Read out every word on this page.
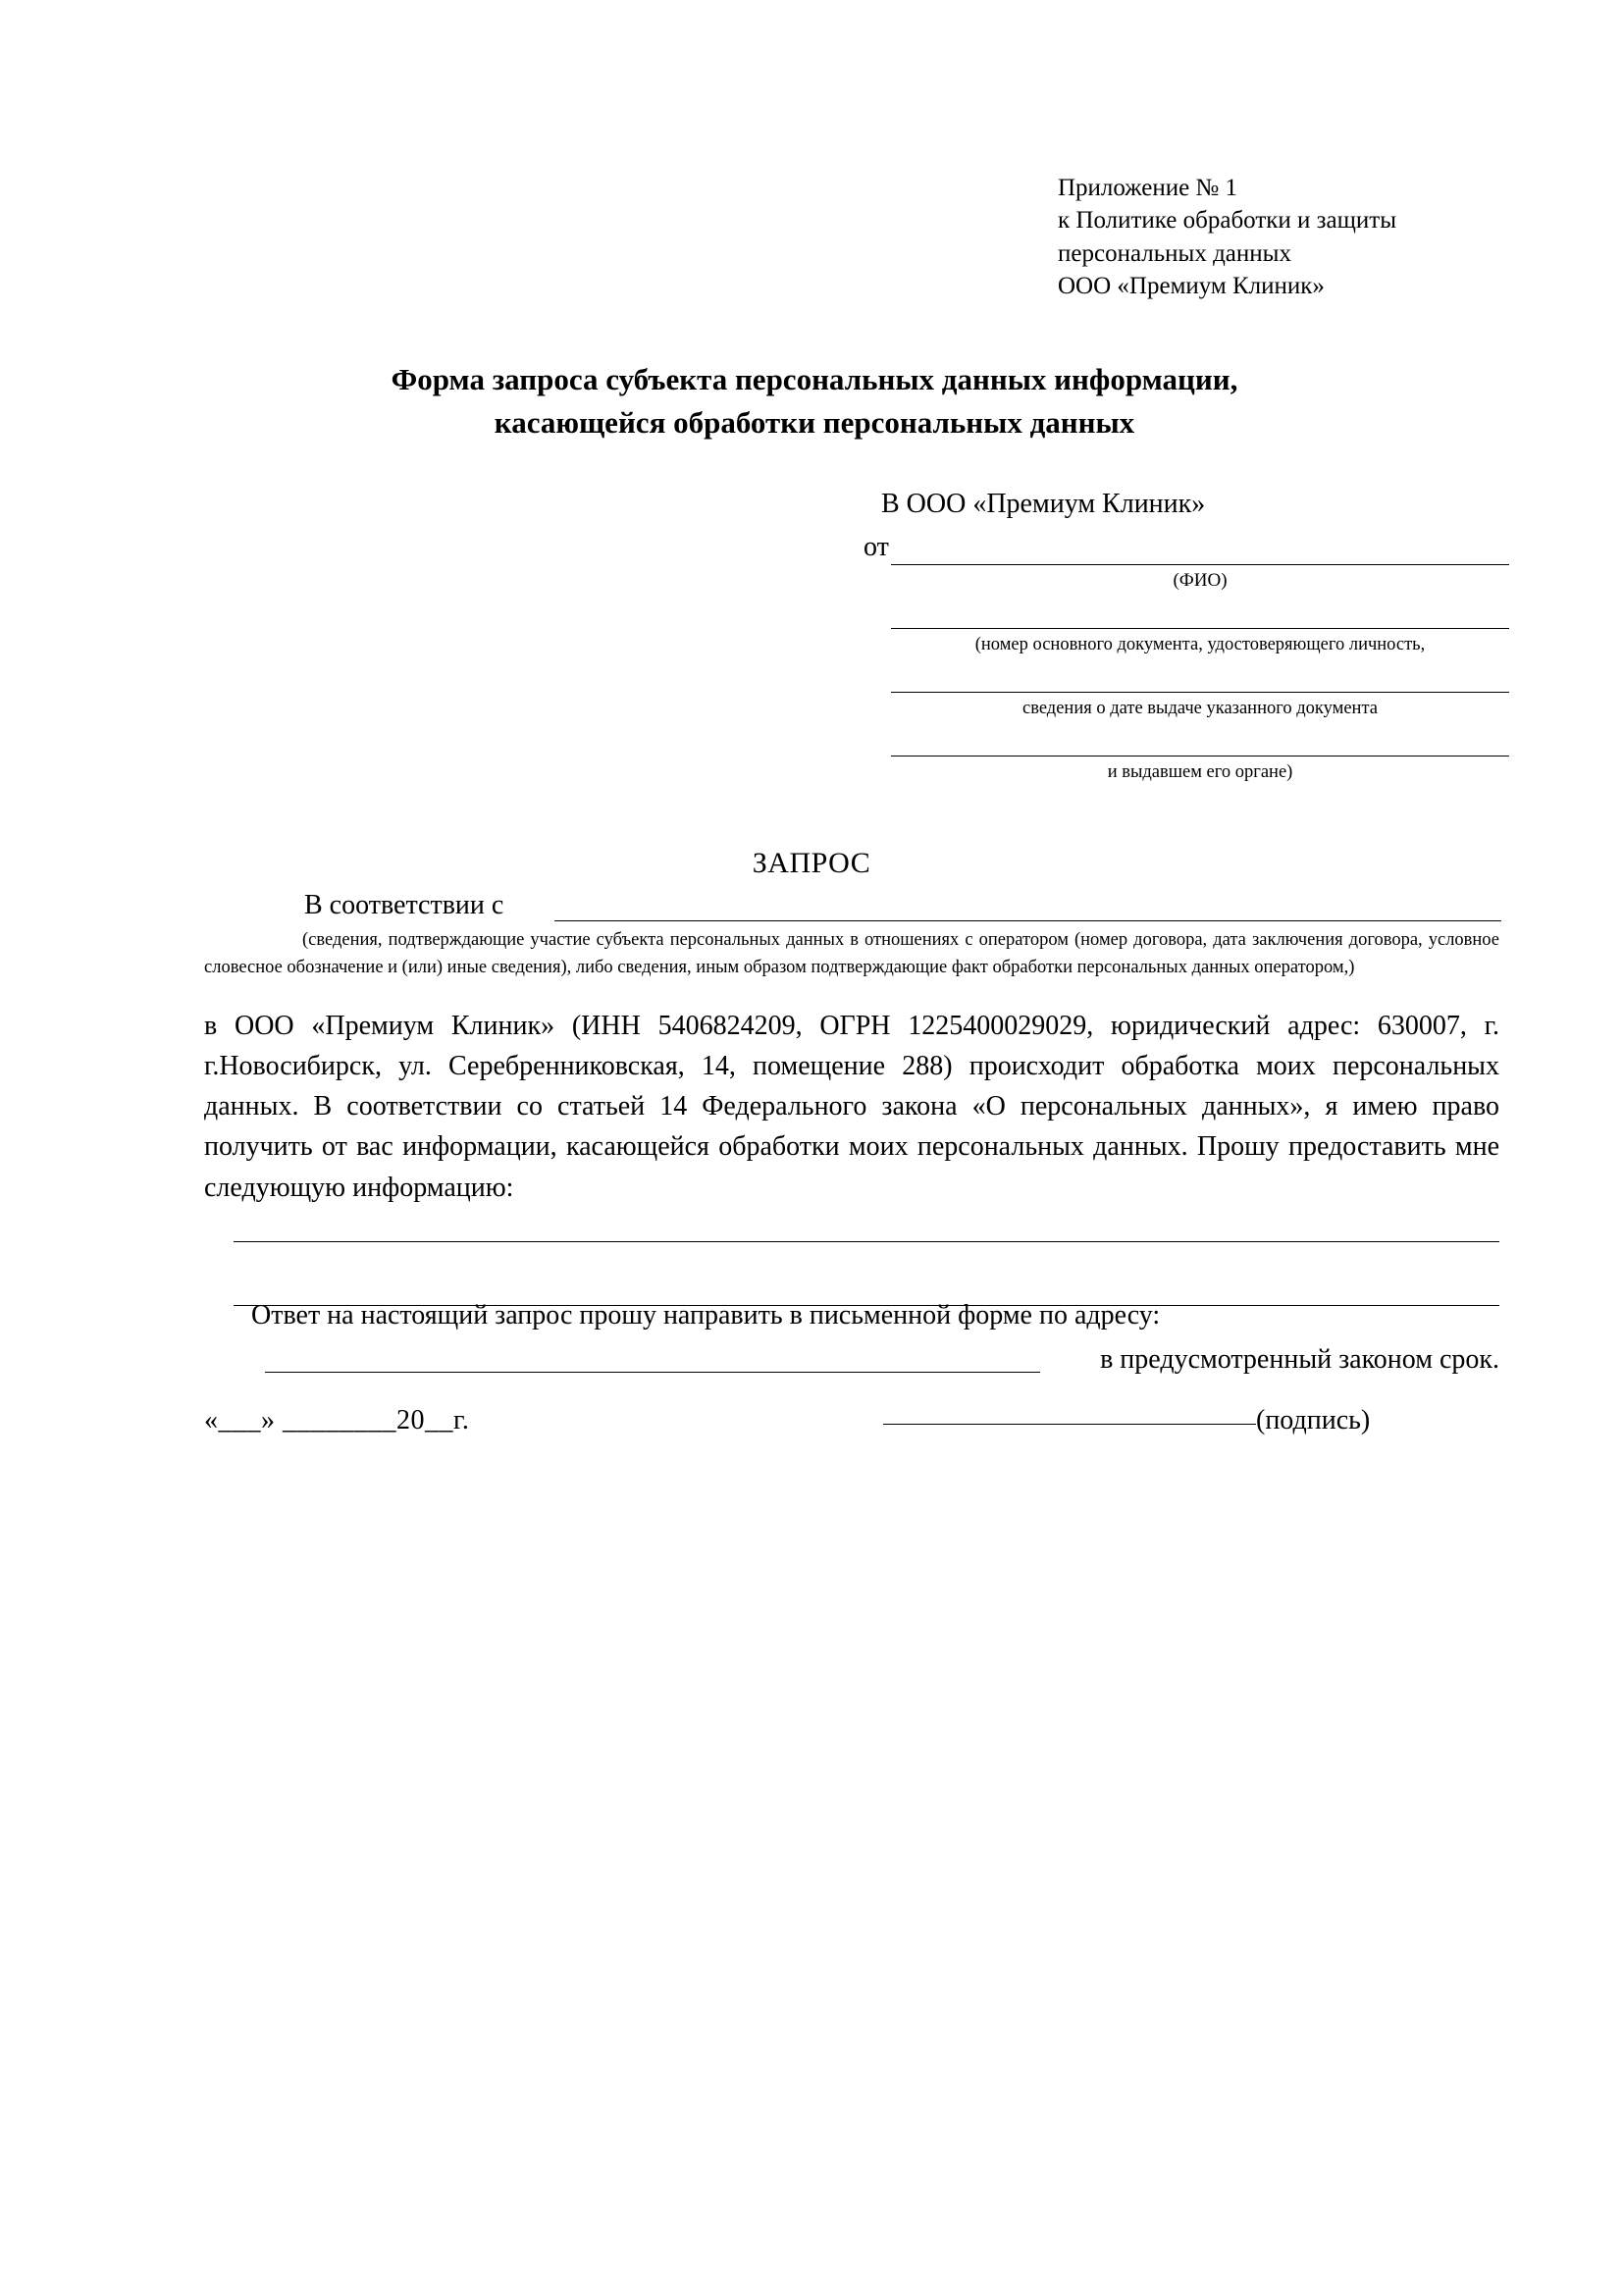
Приложение № 1
к Политике обработки и защиты
персональных данных
ООО «Премиум Клиник»
Форма запроса субъекта персональных данных информации,
касающейся обработки персональных данных
В ООО «Премиум Клиник»
от
(ФИО)
(номер основного документа, удостоверяющего личность,
сведения о дате выдаче указанного документа
и выдавшем его органе)
ЗАПРОС
В соответствии с
(сведения, подтверждающие участие субъекта персональных данных в отношениях с оператором (номер договора, дата заключения договора, условное словесное обозначение и (или) иные сведения), либо сведения, иным образом подтверждающие факт обработки персональных данных оператором,)

в ООО «Премиум Клиник» (ИНН 5406824209, ОГРН 1225400029029, юридический адрес: 630007, г. г.Новосибирск, ул. Серебренниковская, 14, помещение 288) происходит обработка моих персональных данных. В соответствии со статьей 14 Федерального закона «О персональных данных», я имею право получить от вас информации, касающейся обработки моих персональных данных. Прошу предоставить мне следующую информацию:

Ответ на настоящий запрос прошу направить в письменной форме по адресу:
в предусмотренный законом срок.
«___» ________20__г.	(подпись)
